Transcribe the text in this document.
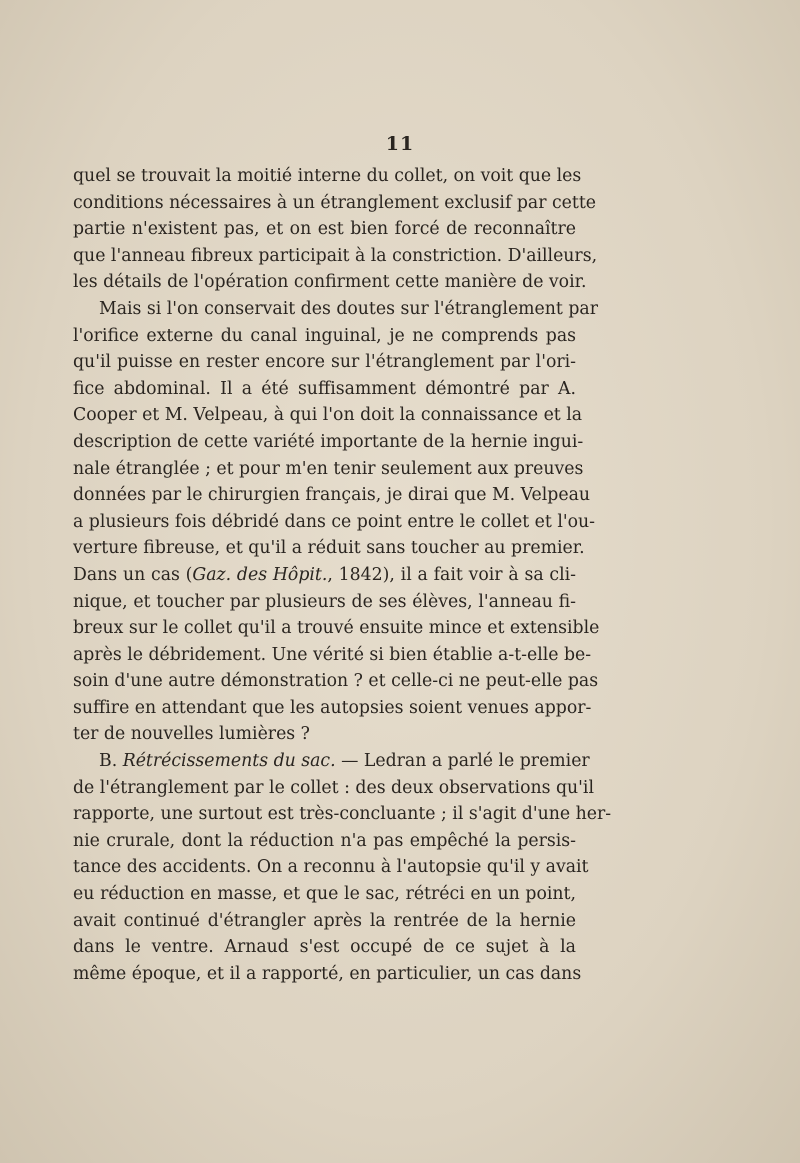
11
quel se trouvait la moitié interne du collet, on voit que les
conditions nécessaires à un étranglement exclusif par cette
partie n'existent pas, et on est bien forcé de reconnaître
que l'anneau fibreux participait à la constriction. D'ailleurs,
les détails de l'opération confirment cette manière de voir.
Mais si l'on conservait des doutes sur l'étranglement par
l'orifice externe du canal inguinal, je ne comprends pas
qu'il puisse en rester encore sur l'étranglement par l'ori-
fice abdominal. Il a été suffisamment démontré par A.
Cooper et M. Velpeau, à qui l'on doit la connaissance et la
description de cette variété importante de la hernie ingui-
nale étranglée ; et pour m'en tenir seulement aux preuves
données par le chirurgien français, je dirai que M. Velpeau
a plusieurs fois débridé dans ce point entre le collet et l'ou-
verture fibreuse, et qu'il a réduit sans toucher au premier.
Dans un cas (Gaz. des Hôpit., 1842), il a fait voir à sa cli-
nique, et toucher par plusieurs de ses élèves, l'anneau fi-
breux sur le collet qu'il a trouvé ensuite mince et extensible
après le débridement. Une vérité si bien établie a-t-elle be-
soin d'une autre démonstration ? et celle-ci ne peut-elle pas
suffire en attendant que les autopsies soient venues appor-
ter de nouvelles lumières ?
B. Rétrécissements du sac. — Ledran a parlé le premier
de l'étranglement par le collet : des deux observations qu'il
rapporte, une surtout est très-concluante ; il s'agit d'une her-
nie crurale, dont la réduction n'a pas empêché la persis-
tance des accidents. On a reconnu à l'autopsie qu'il y avait
eu réduction en masse, et que le sac, rétréci en un point,
avait continué d'étrangler après la rentrée de la hernie
dans le ventre. Arnaud s'est occupé de ce sujet à la
même époque, et il a rapporté, en particulier, un cas dans
